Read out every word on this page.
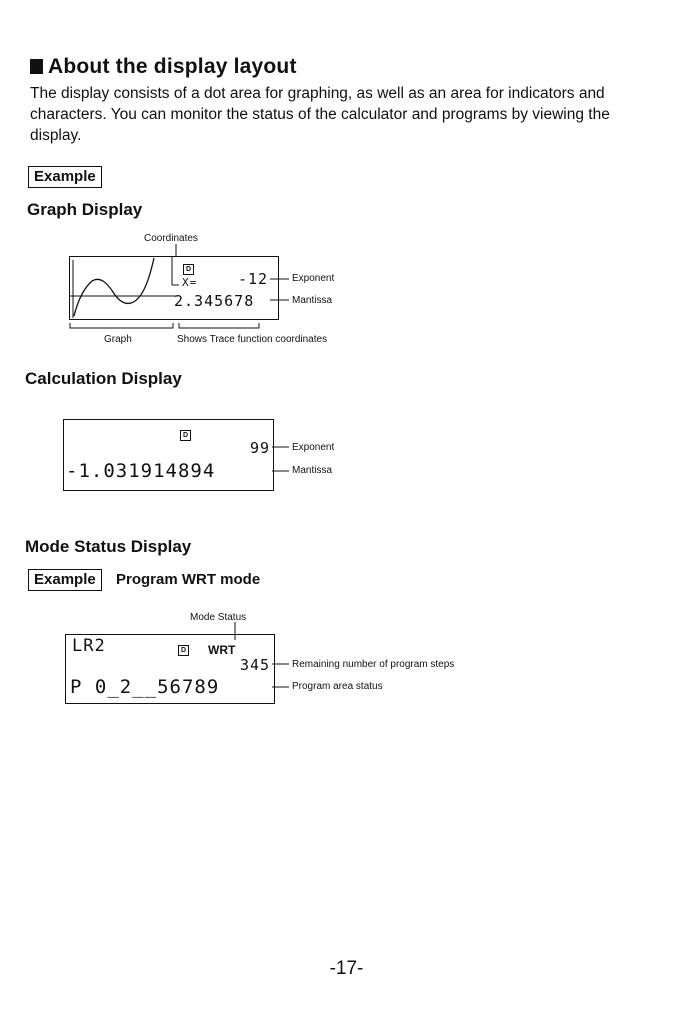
About the display layout
The display consists of a dot area for graphing, as well as an area for indicators and characters. You can monitor the status of the calculator and programs by viewing the display.
Example
Graph Display
Coordinates
D
X=	-12
2.345678
Exponent
Mantissa
Graph	Shows Trace function coordinates
Calculation Display
D
99
-1.031914894
Exponent
Mantissa
Mode Status Display
Example	Program WRT mode
Mode Status
LR2	D WRT
345
P 0_2__56789
Remaining number of program steps
Program area status
-17-
